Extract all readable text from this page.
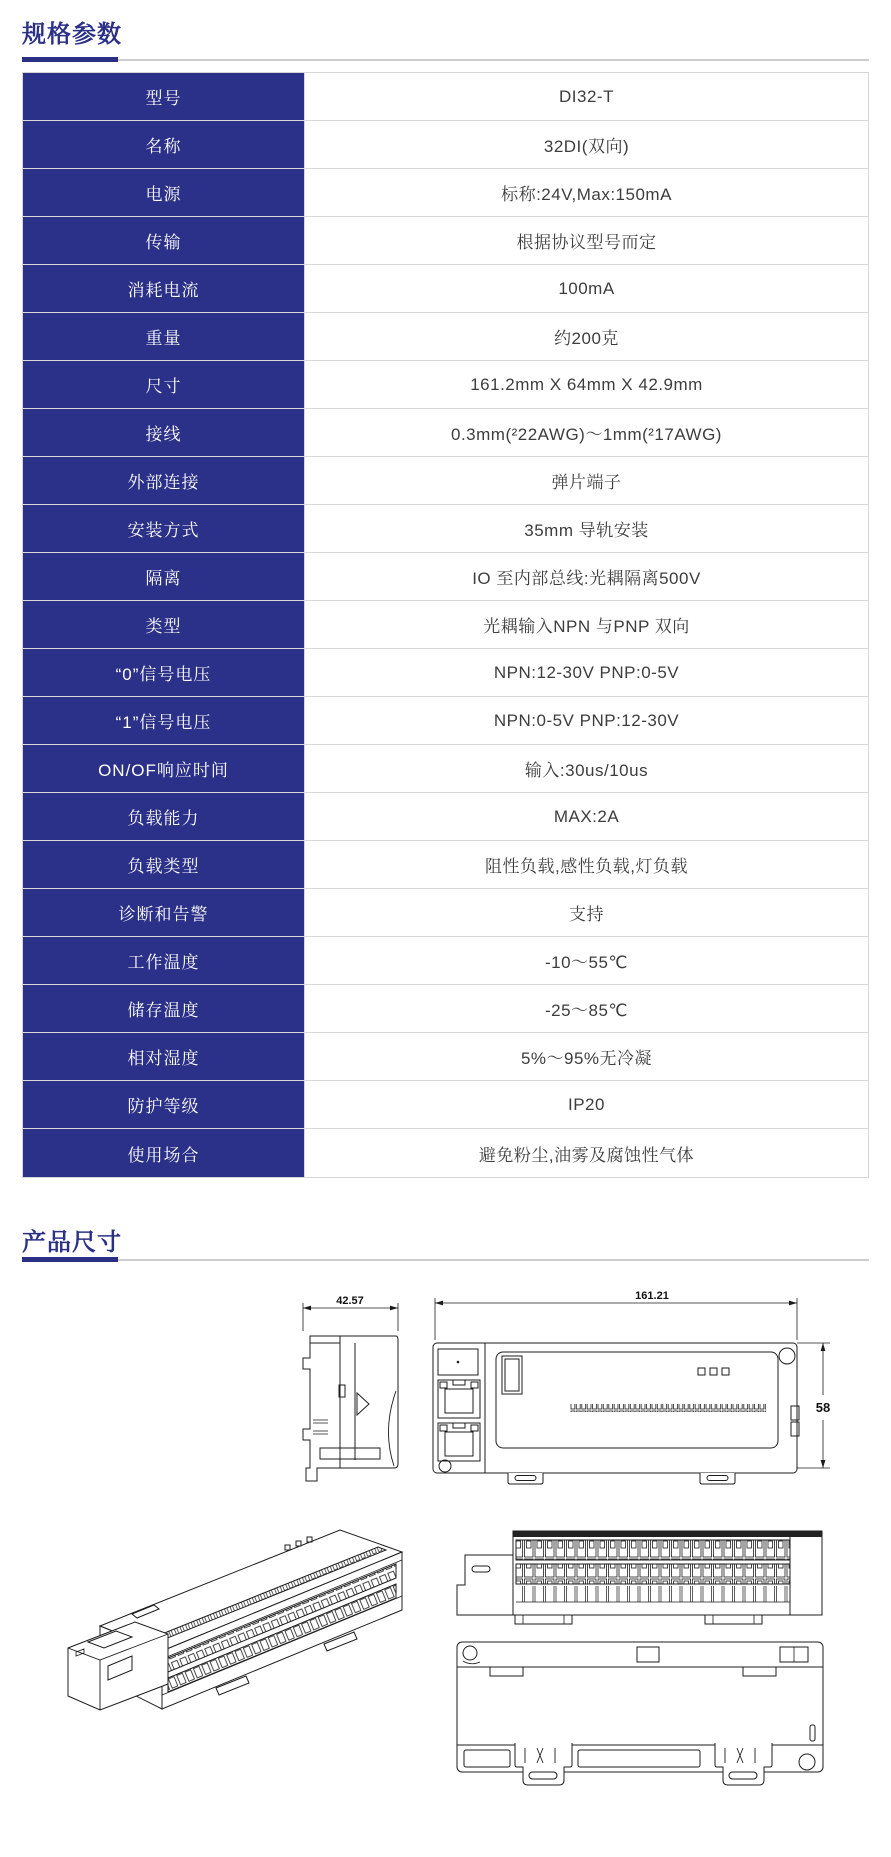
规格参数
型号	DI32-T
名称	32DI(双向)
电源	标称:24V,Max:150mA
传输	根据协议型号而定
消耗电流	100mA
重量	约200克
尺寸	161.2mm X 64mm X 42.9mm
接线	0.3mm(²22AWG)～1mm(²17AWG)
外部连接	弹片端子
安装方式	35mm 导轨安装
隔离	IO 至内部总线:光耦隔离500V
类型	光耦输入NPN 与PNP 双向
“0”信号电压	NPN:12-30V PNP:0-5V
“1”信号电压	NPN:0-5V PNP:12-30V
ON/OF响应时间	输入:30us/10us
负载能力	MAX:2A
负载类型	阻性负载,感性负载,灯负载
诊断和告警	支持
工作温度	-10～55℃
储存温度	-25～85℃
相对湿度	5%～95%无冷凝
防护等级	IP20
使用场合	避免粉尘,油雾及腐蚀性气体
产品尺寸
42.57	161.21
58
